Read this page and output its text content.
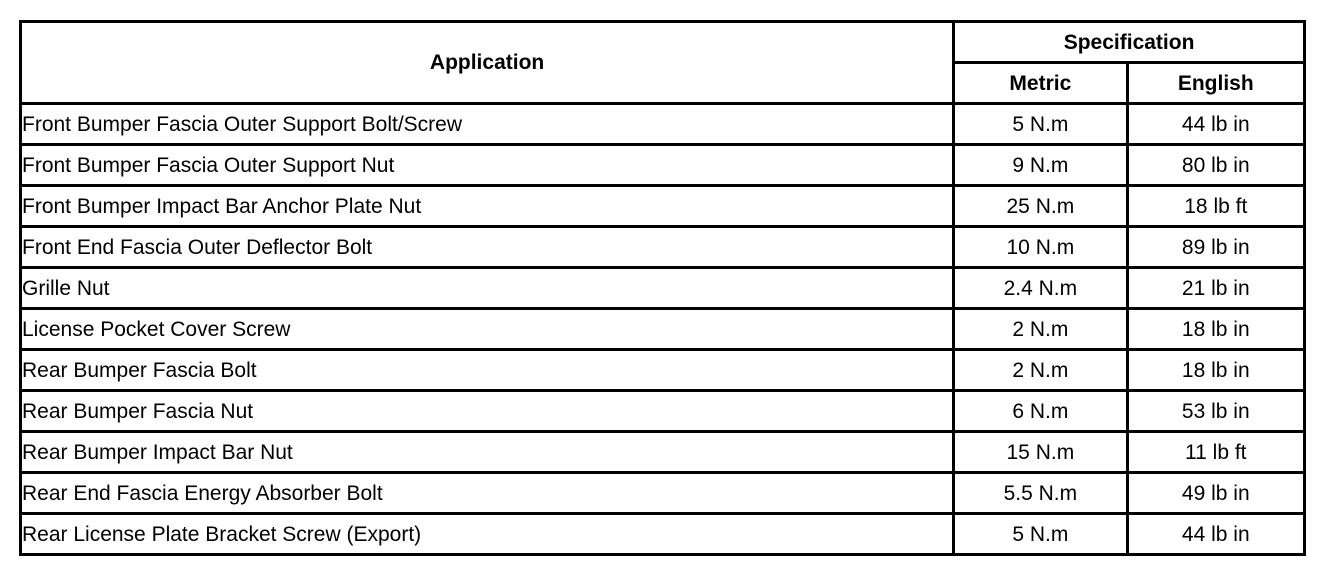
Application	Specification	
	Metric	English
Front Bumper Fascia Outer Support Bolt/Screw	5 N.m	44 lb in
Front Bumper Fascia Outer Support Nut	9 N.m	80 lb in
Front Bumper Impact Bar Anchor Plate Nut	25 N.m	18 lb ft
Front End Fascia Outer Deflector Bolt	10 N.m	89 lb in
Grille Nut	2.4 N.m	21 lb in
License Pocket Cover Screw	2 N.m	18 lb in
Rear Bumper Fascia Bolt	2 N.m	18 lb in
Rear Bumper Fascia Nut	6 N.m	53 lb in
Rear Bumper Impact Bar Nut	15 N.m	11 lb ft
Rear End Fascia Energy Absorber Bolt	5.5 N.m	49 lb in
Rear License Plate Bracket Screw (Export)	5 N.m	44 lb in
